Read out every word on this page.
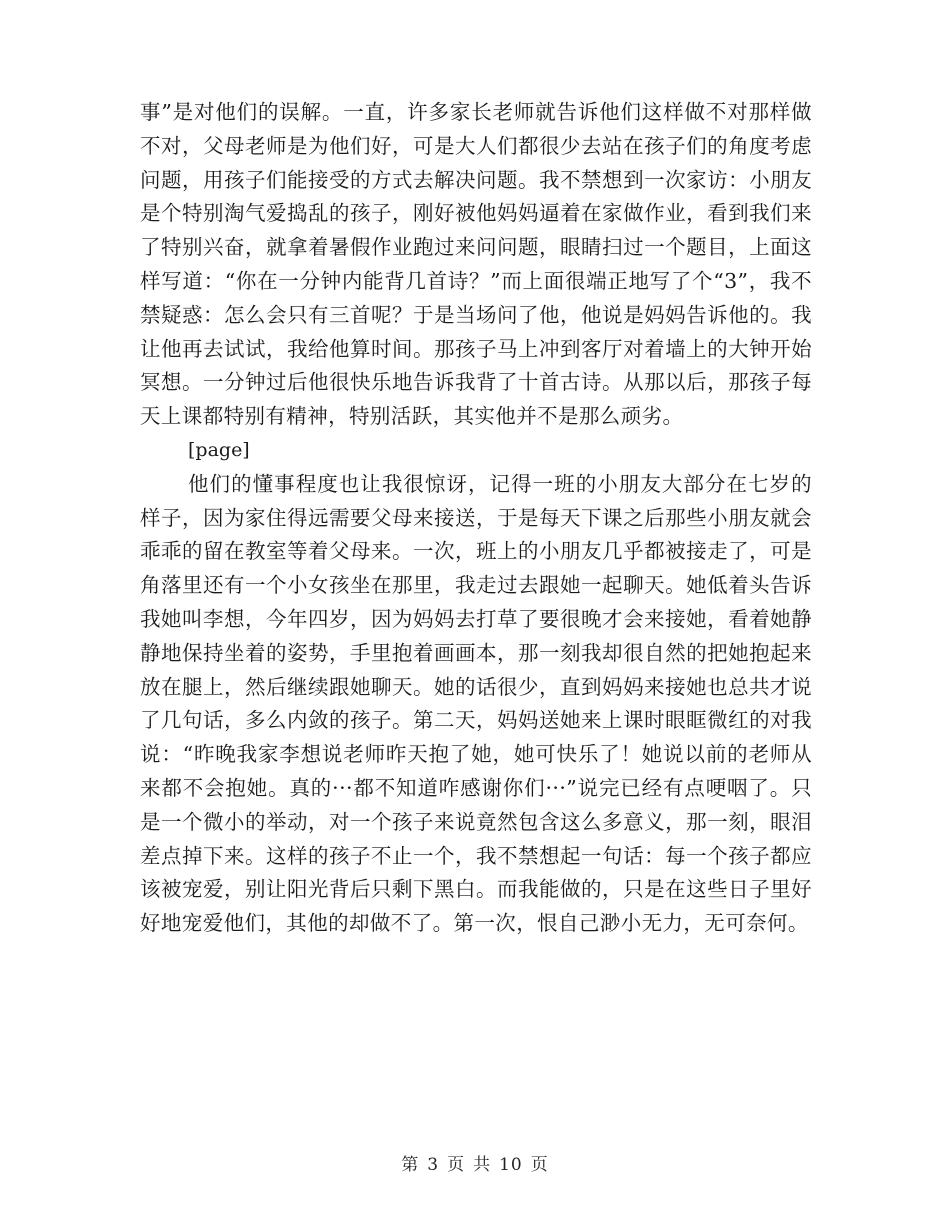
事”是对他们的误解。一直，许多家长老师就告诉他们这样做不对那样做不对，父母老师是为他们好，可是大人们都很少去站在孩子们的角度考虑问题，用孩子们能接受的方式去解决问题。我不禁想到一次家访：小朋友是个特别淘气爱捣乱的孩子，刚好被他妈妈逼着在家做作业，看到我们来了特别兴奋，就拿着暑假作业跑过来问问题，眼睛扫过一个题目，上面这样写道：“你在一分钟内能背几首诗？”而上面很端正地写了个“3”，我不禁疑惑：怎么会只有三首呢？于是当场问了他，他说是妈妈告诉他的。我让他再去试试，我给他算时间。那孩子马上冲到客厅对着墙上的大钟开始冥想。一分钟过后他很快乐地告诉我背了十首古诗。从那以后，那孩子每天上课都特别有精神，特别活跃，其实他并不是那么顽劣。

[page]

他们的懂事程度也让我很惊讶，记得一班的小朋友大部分在七岁的样子，因为家住得远需要父母来接送，于是每天下课之后那些小朋友就会乖乖的留在教室等着父母来。一次，班上的小朋友几乎都被接走了，可是角落里还有一个小女孩坐在那里，我走过去跟她一起聊天。她低着头告诉我她叫李想，今年四岁，因为妈妈去打草了要很晚才会来接她，看着她静静地保持坐着的姿势，手里抱着画画本，那一刻我却很自然的把她抱起来放在腿上，然后继续跟她聊天。她的话很少，直到妈妈来接她也总共才说了几句话，多么内敛的孩子。第二天，妈妈送她来上课时眼眶微红的对我说：“昨晚我家李想说老师昨天抱了她，她可快乐了！她说以前的老师从来都不会抱她。真的···都不知道咋感谢你们···”说完已经有点哽咽了。只是一个微小的举动，对一个孩子来说竟然包含这么多意义，那一刻，眼泪差点掉下来。这样的孩子不止一个，我不禁想起一句话：每一个孩子都应该被宠爱，别让阳光背后只剩下黑白。而我能做的，只是在这些日子里好好地宠爱他们，其他的却做不了。第一次，恨自己渺小无力，无可奈何。

第 3 页 共 10 页
